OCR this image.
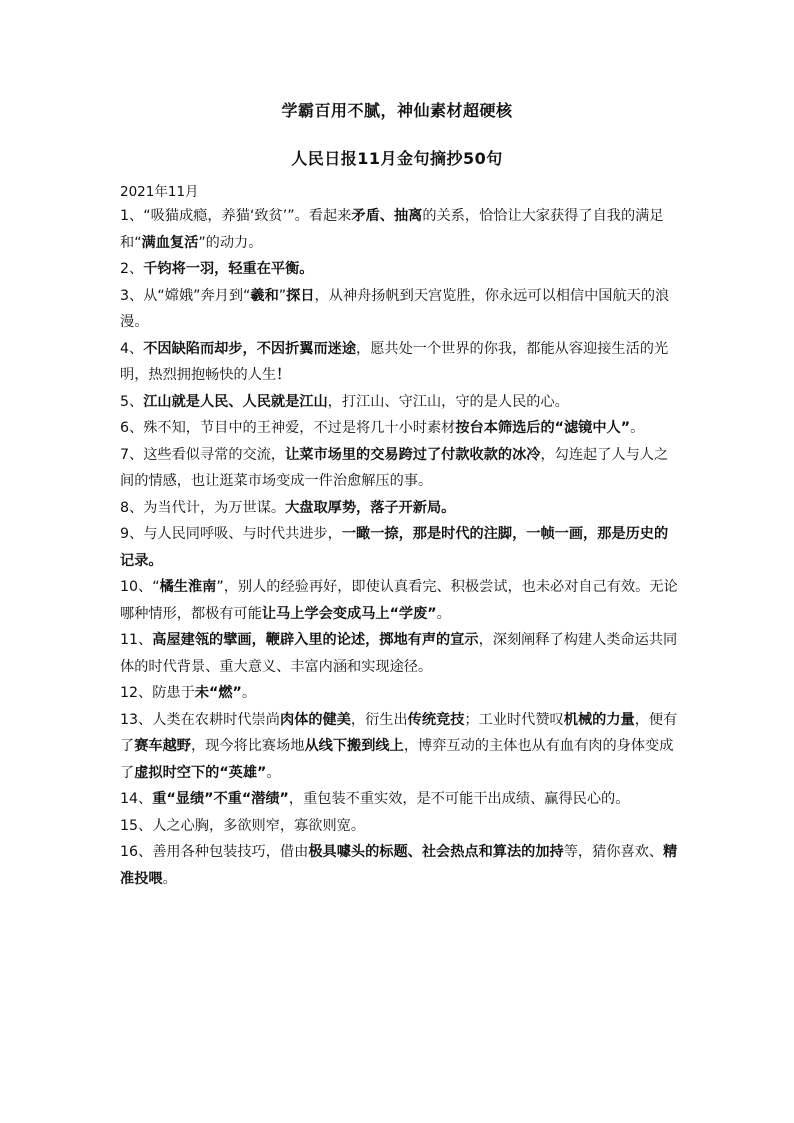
学霸百用不腻，神仙素材超硬核
人民日报11月金句摘抄50句
2021年11月

1、“吸猫成瘾，养猫‘致贫’”。看起来矛盾、抽离的关系，恰恰让大家获得了自我的满足和“满血复活”的动力。

2、千钧将一羽，轻重在平衡。

3、从“嫦娥”奔月到“羲和”探日，从神舟扬帆到天宫览胜，你永远可以相信中国航天的浪漫。

4、不因缺陷而却步，不因折翼而迷途，愿共处一个世界的你我，都能从容迎接生活的光明，热烈拥抱畅快的人生！

5、江山就是人民、人民就是江山，打江山、守江山，守的是人民的心。

6、殊不知，节目中的王神爱，不过是将几十小时素材按台本筛选后的“滤镜中人”。

7、这些看似寻常的交流，让菜市场里的交易跨过了付款收款的冰冷，勾连起了人与人之间的情感，也让逛菜市场变成一件治愈解压的事。

8、为当代计，为万世谋。大盘取厚势，落子开新局。

9、与人民同呼吸、与时代共进步，一瞰一捺，那是时代的注脚，一帧一画，那是历史的记录。

10、“橘生淮南”，别人的经验再好，即使认真看完、积极尝试，也未必对自己有效。无论哪种情形，都极有可能让马上学会变成马上“学废”。

11、高屋建瓴的擘画，鞭辟入里的论述，掷地有声的宣示，深刻阐释了构建人类命运共同体的时代背景、重大意义、丰富内涵和实现途径。

12、防患于未“燃”。

13、人类在农耕时代崇尚肉体的健美，衍生出传统竞技；工业时代赞叹机械的力量，便有了赛车越野，现今将比赛场地从线下搬到线上，博弈互动的主体也从有血有肉的身体变成了虚拟时空下的“英雄”。

14、重“显绩”不重“潜绩”，重包装不重实效，是不可能干出成绩、赢得民心的。

15、人之心胸，多欲则窄，寡欲则宽。

16、善用各种包装技巧，借由极具噱头的标题、社会热点和算法的加持等，猜你喜欢、精准投喂。
